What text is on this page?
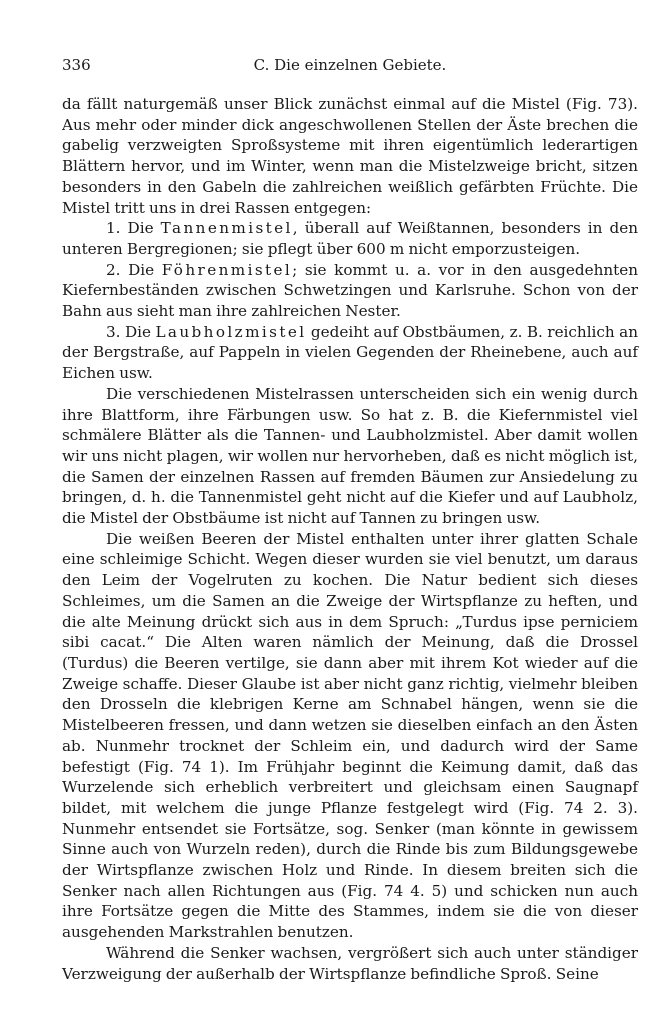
336	C. Die einzelnen Gebiete.

da fällt naturgemäß unser Blick zunächst einmal auf die Mistel (Fig. 73). Aus mehr oder minder dick angeschwollenen Stellen der Äste brechen die gabelig verzweigten Sproßsysteme mit ihren eigentümlich lederartigen Blättern hervor, und im Winter, wenn man die Mistelzweige bricht, sitzen besonders in den Gabeln die zahlreichen weißlich gefärbten Früchte. Die Mistel tritt uns in drei Rassen entgegen:

1. Die Tannenmistel, überall auf Weißtannen, besonders in den unteren Bergregionen; sie pflegt über 600 m nicht emporzusteigen.

2. Die Föhrenmistel; sie kommt u. a. vor in den ausgedehnten Kiefernbeständen zwischen Schwetzingen und Karlsruhe. Schon von der Bahn aus sieht man ihre zahlreichen Nester.

3. Die Laubholzmistel gedeiht auf Obstbäumen, z. B. reichlich an der Bergstraße, auf Pappeln in vielen Gegenden der Rheinebene, auch auf Eichen usw.

Die verschiedenen Mistelrassen unterscheiden sich ein wenig durch ihre Blattform, ihre Färbungen usw. So hat z. B. die Kiefernmistel viel schmälere Blätter als die Tannen- und Laubholzmistel. Aber damit wollen wir uns nicht plagen, wir wollen nur hervorheben, daß es nicht möglich ist, die Samen der einzelnen Rassen auf fremden Bäumen zur Ansiedelung zu bringen, d. h. die Tannenmistel geht nicht auf die Kiefer und auf Laubholz, die Mistel der Obstbäume ist nicht auf Tannen zu bringen usw.

Die weißen Beeren der Mistel enthalten unter ihrer glatten Schale eine schleimige Schicht. Wegen dieser wurden sie viel benutzt, um daraus den Leim der Vogelruten zu kochen. Die Natur bedient sich dieses Schleimes, um die Samen an die Zweige der Wirtspflanze zu heften, und die alte Meinung drückt sich aus in dem Spruch: „Turdus ipse perniciem sibi cacat.“ Die Alten waren nämlich der Meinung, daß die Drossel (Turdus) die Beeren vertilge, sie dann aber mit ihrem Kot wieder auf die Zweige schaffe. Dieser Glaube ist aber nicht ganz richtig, vielmehr bleiben den Drosseln die klebrigen Kerne am Schnabel hängen, wenn sie die Mistelbeeren fressen, und dann wetzen sie dieselben einfach an den Ästen ab. Nunmehr trocknet der Schleim ein, und dadurch wird der Same befestigt (Fig. 74 1). Im Frühjahr beginnt die Keimung damit, daß das Wurzelende sich erheblich verbreitert und gleichsam einen Saugnapf bildet, mit welchem die junge Pflanze festgelegt wird (Fig. 74 2. 3). Nunmehr entsendet sie Fortsätze, sog. Senker (man könnte in gewissem Sinne auch von Wurzeln reden), durch die Rinde bis zum Bildungsgewebe der Wirtspflanze zwischen Holz und Rinde. In diesem breiten sich die Senker nach allen Richtungen aus (Fig. 74 4. 5) und schicken nun auch ihre Fortsätze gegen die Mitte des Stammes, indem sie die von dieser ausgehenden Markstrahlen benutzen.

Während die Senker wachsen, vergrößert sich auch unter ständiger Verzweigung der außerhalb der Wirtspflanze befindliche Sproß. Seine
